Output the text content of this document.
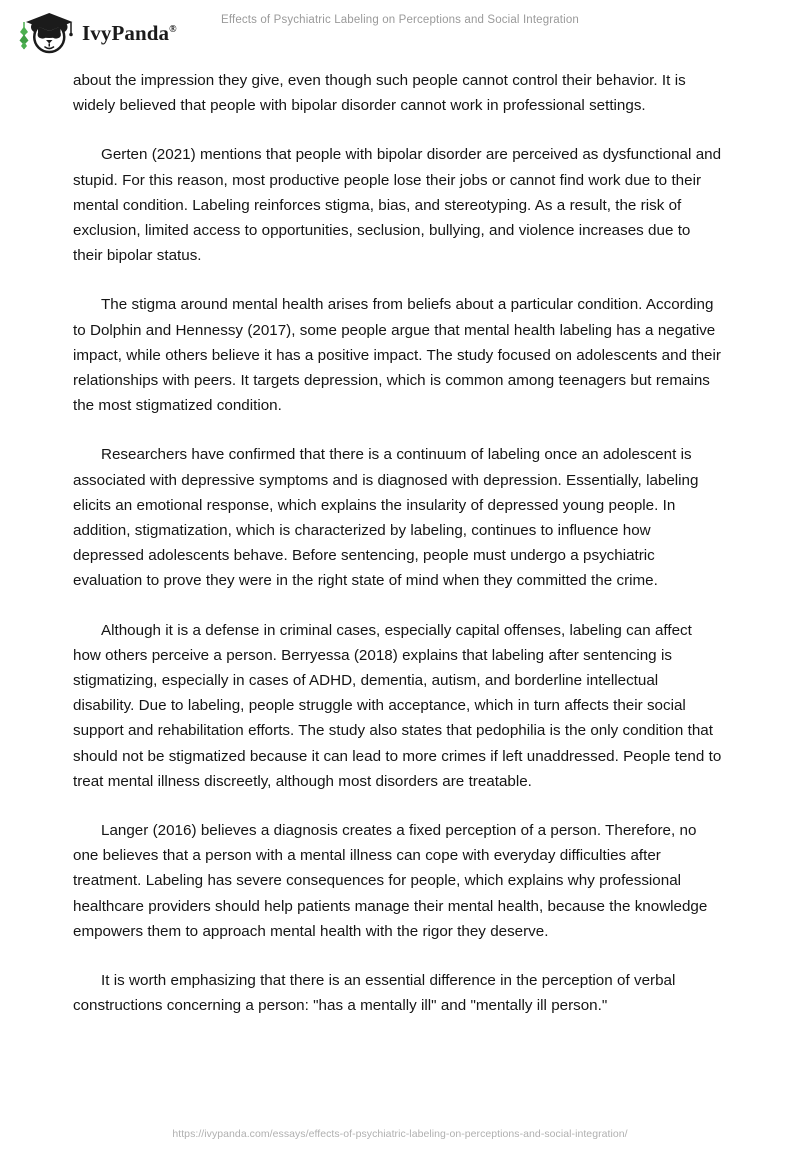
IvyPanda®
Effects of Psychiatric Labeling on Perceptions and Social Integration

about the impression they give, even though such people cannot control their behavior. It is widely believed that people with bipolar disorder cannot work in professional settings.

Gerten (2021) mentions that people with bipolar disorder are perceived as dysfunctional and stupid. For this reason, most productive people lose their jobs or cannot find work due to their mental condition. Labeling reinforces stigma, bias, and stereotyping. As a result, the risk of exclusion, limited access to opportunities, seclusion, bullying, and violence increases due to their bipolar status.

The stigma around mental health arises from beliefs about a particular condition. According to Dolphin and Hennessy (2017), some people argue that mental health labeling has a negative impact, while others believe it has a positive impact. The study focused on adolescents and their relationships with peers. It targets depression, which is common among teenagers but remains the most stigmatized condition.

Researchers have confirmed that there is a continuum of labeling once an adolescent is associated with depressive symptoms and is diagnosed with depression. Essentially, labeling elicits an emotional response, which explains the insularity of depressed young people. In addition, stigmatization, which is characterized by labeling, continues to influence how depressed adolescents behave. Before sentencing, people must undergo a psychiatric evaluation to prove they were in the right state of mind when they committed the crime.

Although it is a defense in criminal cases, especially capital offenses, labeling can affect how others perceive a person. Berryessa (2018) explains that labeling after sentencing is stigmatizing, especially in cases of ADHD, dementia, autism, and borderline intellectual disability. Due to labeling, people struggle with acceptance, which in turn affects their social support and rehabilitation efforts. The study also states that pedophilia is the only condition that should not be stigmatized because it can lead to more crimes if left unaddressed. People tend to treat mental illness discreetly, although most disorders are treatable.

Langer (2016) believes a diagnosis creates a fixed perception of a person. Therefore, no one believes that a person with a mental illness can cope with everyday difficulties after treatment. Labeling has severe consequences for people, which explains why professional healthcare providers should help patients manage their mental health, because the knowledge empowers them to approach mental health with the rigor they deserve.

It is worth emphasizing that there is an essential difference in the perception of verbal constructions concerning a person: "has a mentally ill" and "mentally ill person."

https://ivypanda.com/essays/effects-of-psychiatric-labeling-on-perceptions-and-social-integration/
